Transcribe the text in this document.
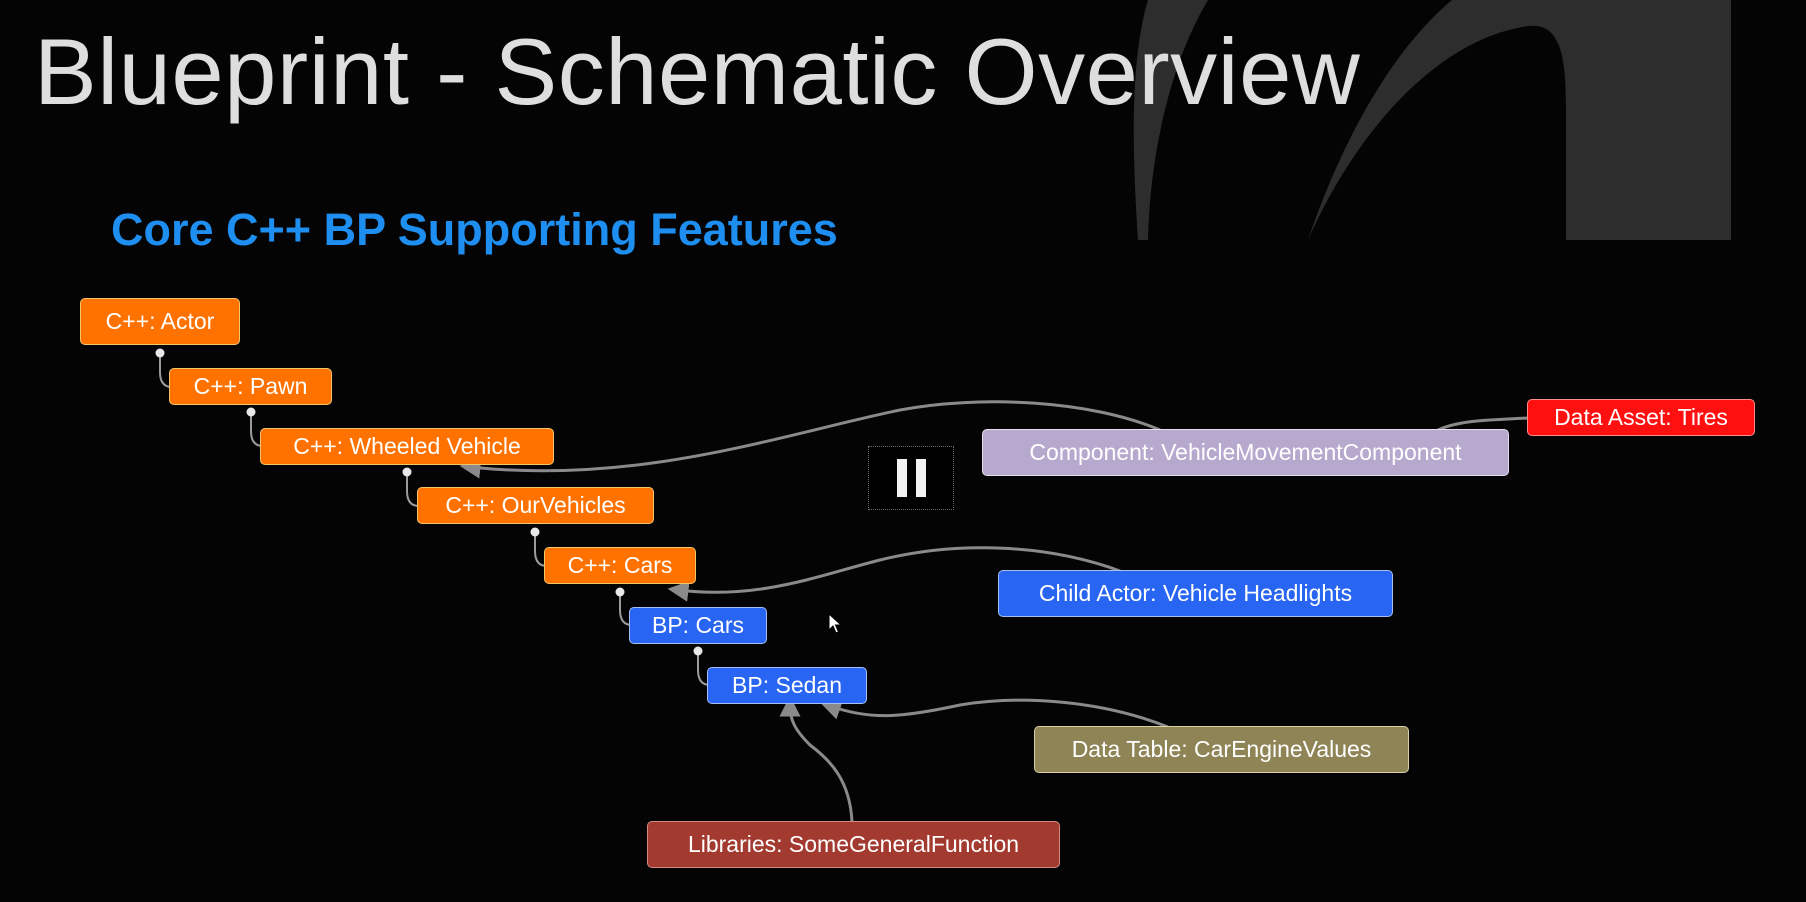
Blueprint - Schematic Overview
Core C++ BP Supporting Features
C++: Actor
C++: Pawn
C++: Wheeled Vehicle
C++: OurVehicles
C++: Cars
BP: Cars
BP: Sedan
Component: VehicleMovementComponent
Data Asset: Tires
Child Actor: Vehicle Headlights
Data Table: CarEngineValues
Libraries: SomeGeneralFunction
